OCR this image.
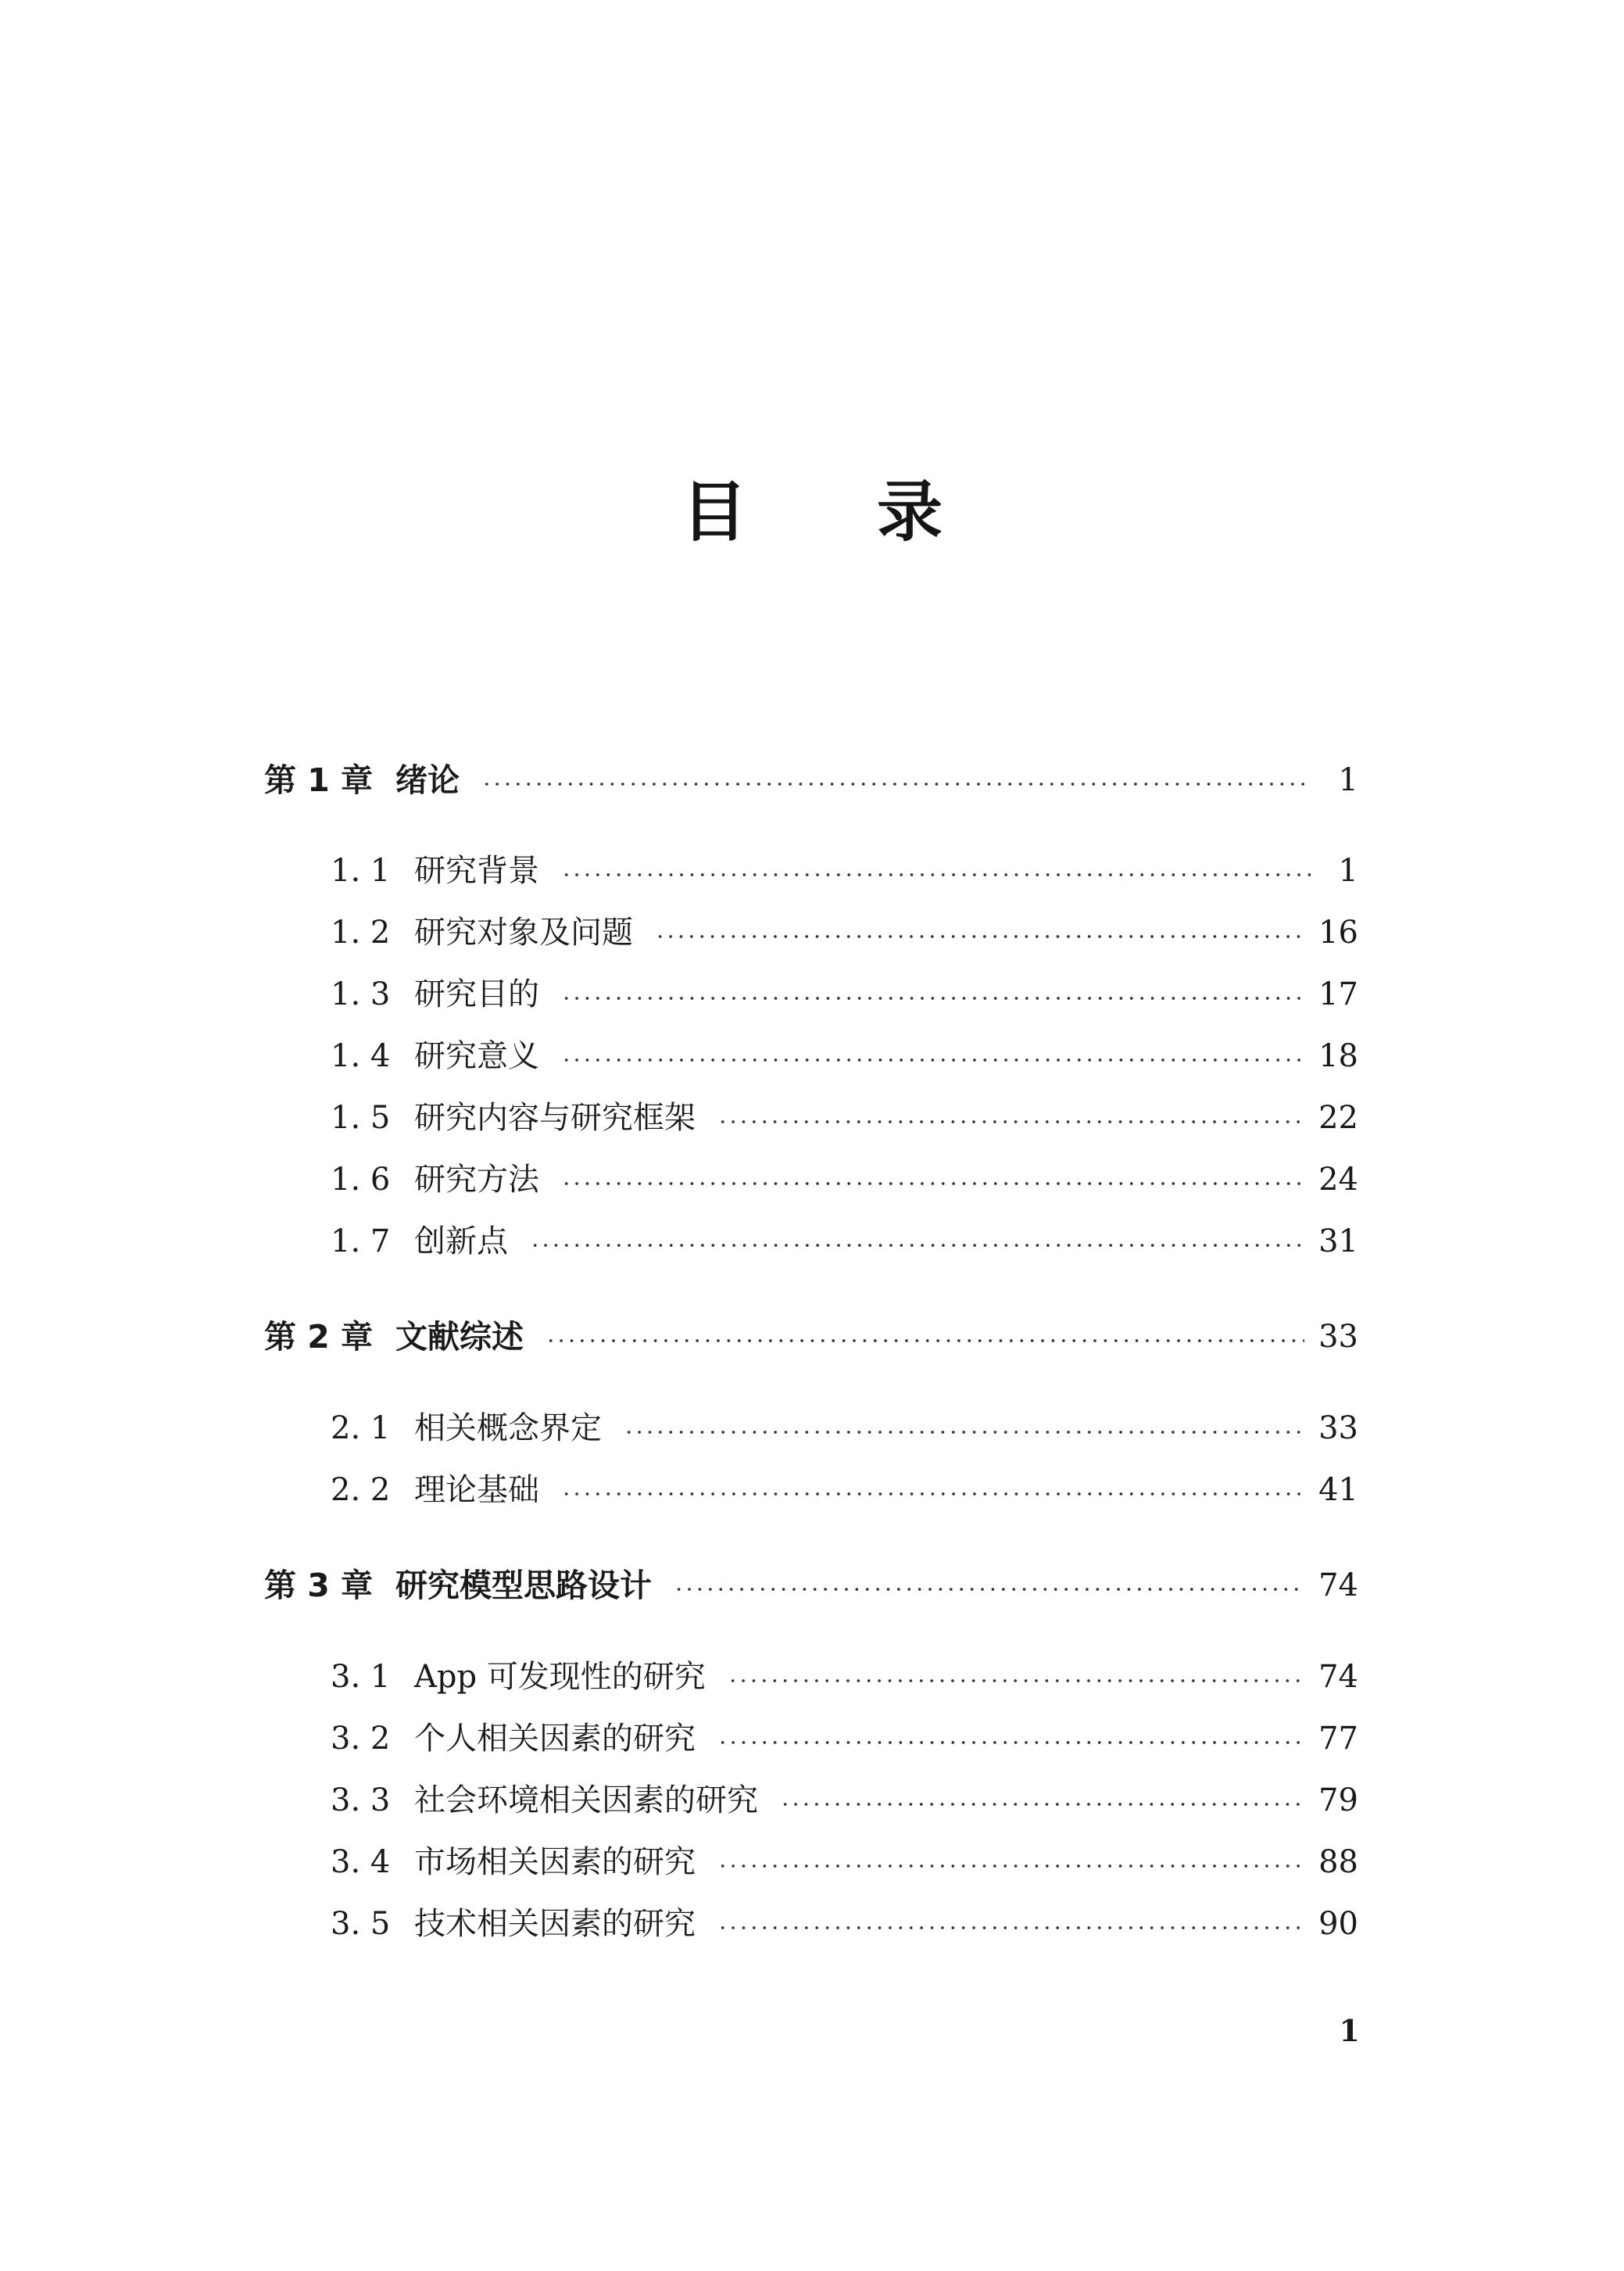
目 录
第 1 章 绪论	1
1. 1 研究背景	1
1. 2 研究对象及问题	16
1. 3 研究目的	17
1. 4 研究意义	18
1. 5 研究内容与研究框架	22
1. 6 研究方法	24
1. 7 创新点	31
第 2 章 文献综述	33
2. 1 相关概念界定	33
2. 2 理论基础	41
第 3 章 研究模型思路设计	74
3. 1 App 可发现性的研究	74
3. 2 个人相关因素的研究	77
3. 3 社会环境相关因素的研究	79
3. 4 市场相关因素的研究	88
3. 5 技术相关因素的研究	90
1
